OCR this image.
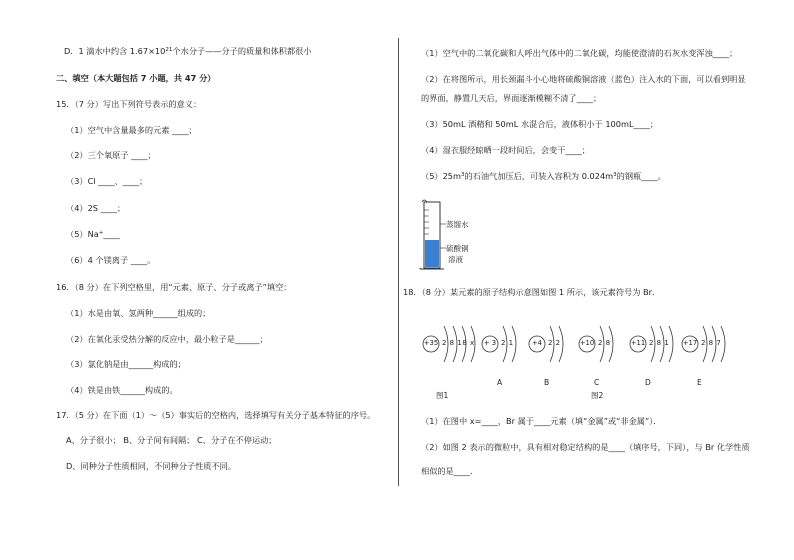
D．1 滴水中约含 $1.67\times 10^{21}$个水分子——分子的质量和体积都很小
二、填空（本大题包括 7 小题，共 47 分）
15．（7 分）写出下列符号表示的意义：
（1）空气中含量最多的元素 ____；
（2）三个氧原子 ____；
（3）Cl ____、____；
（4）2S ____；
（5）Na+____
（6）4 个镁离子 ____。
16．（8 分）在下列空格里，用“元素、原子、分子或离子”填空：
（1）水是由氧、氢两种______组成的；
（2）在氧化汞受热分解的反应中，最小粒子是______；
（3）氯化钠是由______构成的；
（4）铁是由铁______构成的。
17．（5 分）在下面（1）～（5）事实后的空格内，选择填写有关分子基本特征的序号。
A、分子很小； B、分子间有间隔； C、分子在不停运动；
D、同种分子性质相同，不同种分子性质不同。
（1）空气中的二氧化碳和人呼出气体中的二氧化碳，均能使澄清的石灰水变浑浊____；
（2）在将图所示，用长颈漏斗小心地将硫酸铜溶液（蓝色）注入水的下面，可以看到明显
的界面，静置几天后，界面逐渐模糊不清了____；
（3）50mL 酒精和 50mL 水混合后，液体积小于 100mL____；
（4）湿衣服经晾晒一段时间后，会变干____；
$(5)25m^3$的石油气加压后，可装入容积为 $0.024m^3$的钢瓶____。
蒸馏水
硫酸铜
溶液
18．（8 分）某元素的原子结构示意图如图 1 所示，该元素符号为 Br．
+35 2 8 18 x	+ 3 2 1
A
+4 2 2
B
+10 2 8
C
+11 2 8 1
D
+17 2 8 7
E
图1	图2
（1）在图中 x=____，Br 属于____元素（填“金属”或“非金属”）．
（2）如图 2 表示的微粒中，具有相对稳定结构的是____（填序号，下同），与 Br 化学性质
相似的是____．
